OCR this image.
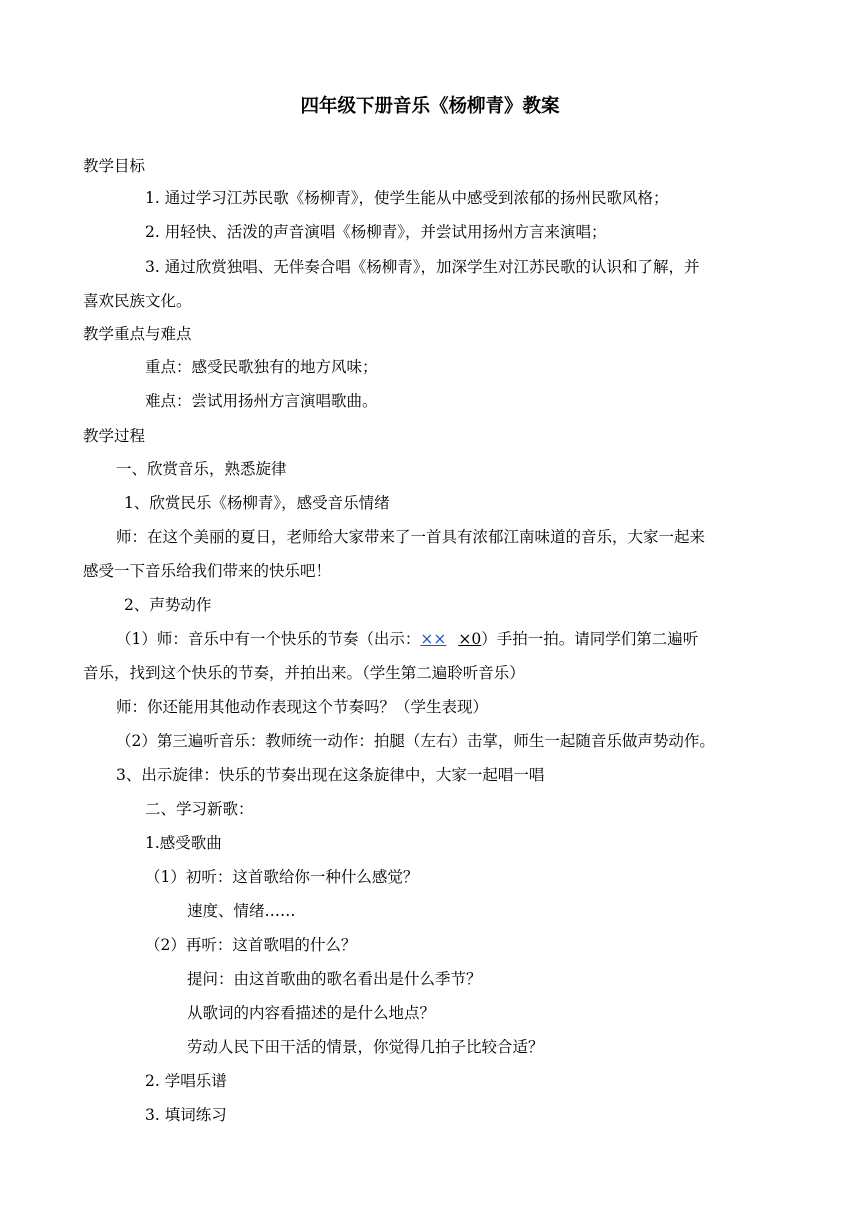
四年级下册音乐《杨柳青》教案
教学目标
1. 通过学习江苏民歌《杨柳青》，使学生能从中感受到浓郁的扬州民歌风格；
2. 用轻快、活泼的声音演唱《杨柳青》，并尝试用扬州方言来演唱；
3. 通过欣赏独唱、无伴奏合唱《杨柳青》，加深学生对江苏民歌的认识和了解，并
喜欢民族文化。
教学重点与难点
重点：感受民歌独有的地方风味；
难点：尝试用扬州方言演唱歌曲。
教学过程
一、欣赏音乐，熟悉旋律
1、欣赏民乐《杨柳青》，感受音乐情绪
师：在这个美丽的夏日，老师给大家带来了一首具有浓郁江南味道的音乐，大家一起来
感受一下音乐给我们带来的快乐吧！
2、声势动作
（1）师：音乐中有一个快乐的节奏（出示：×× ×0）手拍一拍。请同学们第二遍听
音乐，找到这个快乐的节奏，并拍出来。（学生第二遍聆听音乐）
师：你还能用其他动作表现这个节奏吗？（学生表现）
（2）第三遍听音乐：教师统一动作：拍腿（左右）击掌，师生一起随音乐做声势动作。
3、出示旋律：快乐的节奏出现在这条旋律中，大家一起唱一唱
二、学习新歌：
1.感受歌曲
（1）初听：这首歌给你一种什么感觉？
速度、情绪……
（2）再听：这首歌唱的什么？
提问：由这首歌曲的歌名看出是什么季节？
从歌词的内容看描述的是什么地点？
劳动人民下田干活的情景，你觉得几拍子比较合适？
2. 学唱乐谱
3. 填词练习
